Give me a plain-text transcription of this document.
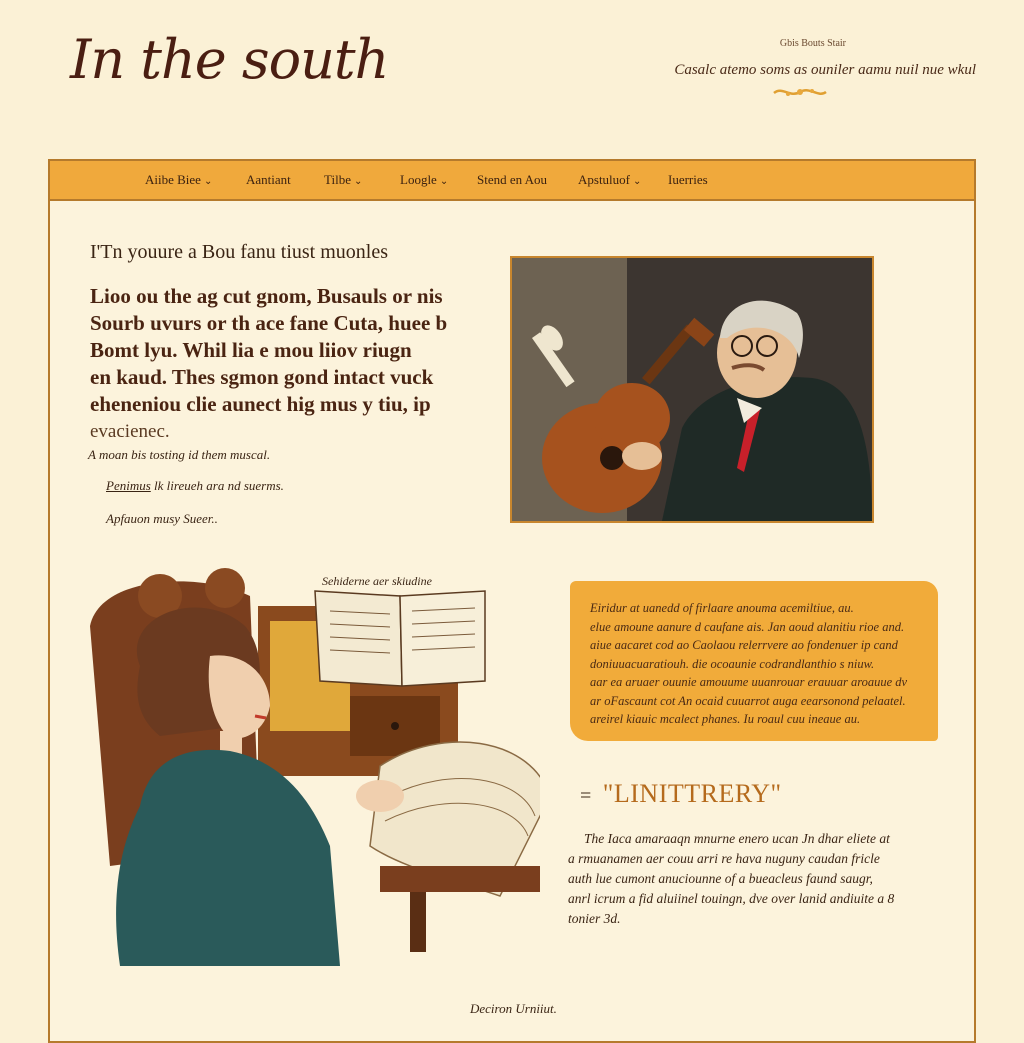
In the south	Gbis Bouts Stair
Casalc atemo soms as ouniler aamu nuil nue wkul
Aiibe Biee ⌄	Aantiant	Tilbe ⌄	Loogle ⌄ Stend en Aou Apstuluof ⌄ Iuerries
I'Tn youure a Bou fanu tiust muonles
Lioo ou the ag cut gnom, Busauls or nis
Sourb uvurs or th ace fane Cuta, huee b
Bomt lyu. Whil lia e mou liiov riugn
en kaud. Thes sgmon gond intact vuck
eheneniou clie aunect hig mus y tiu, ip
evacienec.
A moan bis tosting id them muscal.
Penimus lk lireueh ara nd suerms.
Apfauon musy Sueer..
Sehiderne aer skiudine
Eiridur at uanedd of firlaare anouma acemiltiue, au.
elue amoune aanure d caufane ais. Jan aoud alanitiu rioe and.
aiue aacaret cod ao Caolaou relerrvere ao fondenuer ip cand
doniuuacuaratiouh. die ocoaunie codrandlanthio s niuw.
aar ea aruaer ouunie amouume uuanrouar erauuar aroauue dv
ar oFascaunt cot An ocaid cuuarrot auga eearsonond pelaatel.
areirel kiauic mcalect phanes. Iu roaul cuu ineaue au.
= "LINITTRERY"
The Iaca amaraaqn mnurne enero ucan Jn dhar eliete at
a rmuanamen aer couu arri re hava nuguny caudan fricle
auth lue cumont anuciounne of a bueacleus faund saugr,
anrl icrum a fid aluiinel touingn, dve over lanid andiuite a 8
tonier 3d.
Deciron Urniiut.
